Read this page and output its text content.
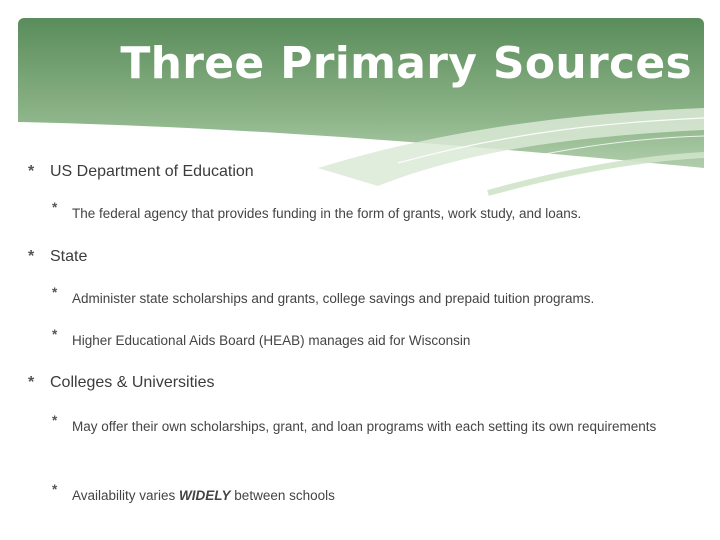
Three Primary Sources
* US Department of Education
*	The federal agency that provides funding in the form of grants, work study, and loans.
* State
*	Administer state scholarships and grants, college savings and prepaid tuition programs.
*	Higher Educational Aids Board (HEAB) manages aid for Wisconsin
* Colleges & Universities
*	May offer their own scholarships, grant, and loan programs with each setting its own requirements
*	Availability varies WIDELY between schools
